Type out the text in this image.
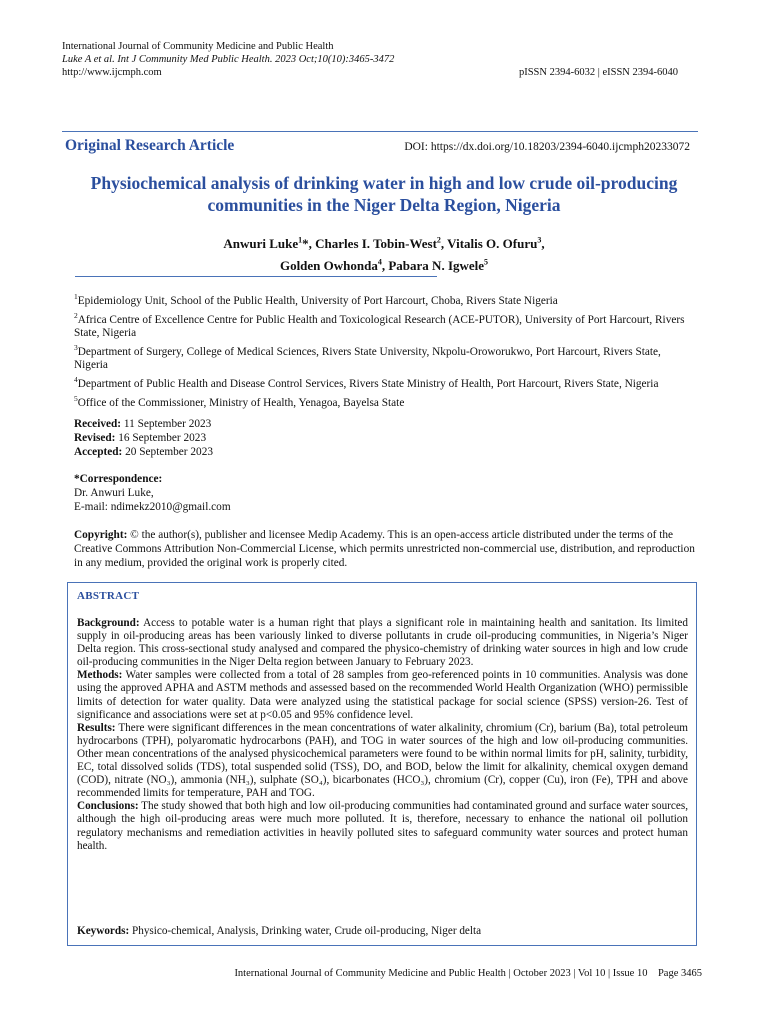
International Journal of Community Medicine and Public Health
Luke A et al. Int J Community Med Public Health. 2023 Oct;10(10):3465-3472
http://www.ijcmph.com	pISSN 2394-6032 | eISSN 2394-6040
Original Research Article	DOI: https://dx.doi.org/10.18203/2394-6040.ijcmph20233072
Physiochemical analysis of drinking water in high and low crude oil-producing communities in the Niger Delta Region, Nigeria
Anwuri Luke$^1$*, Charles I. Tobin-West$^2$, Vitalis O. Ofuru$^3$,
Golden Owhonda$^4$, Pabara N. Igwele$^5$

$^1$Epidemiology Unit, School of the Public Health, University of Port Harcourt, Choba, Rivers State Nigeria

$^2$Africa Centre of Excellence Centre for Public Health and Toxicological Research (ACE-PUTOR), University of Port Harcourt, Rivers State, Nigeria

$^3$Department of Surgery, College of Medical Sciences, Rivers State University, Nkpolu-Oroworukwo, Port Harcourt, Rivers State, Nigeria

$^4$Department of Public Health and Disease Control Services, Rivers State Ministry of Health, Port Harcourt, Rivers State, Nigeria

$^5$Office of the Commissioner, Ministry of Health, Yenagoa, Bayelsa State

Received: 11 September 2023

Revised: 16 September 2023

Accepted: 20 September 2023

*Correspondence:

Dr. Anwuri Luke,

E-mail: ndimekz2010@gmail.com

Copyright: © the author(s), publisher and licensee Medip Academy. This is an open-access article distributed under the terms of the Creative Commons Attribution Non-Commercial License, which permits unrestricted non-commercial use, distribution, and reproduction in any medium, provided the original work is properly cited.
ABSTRACT

Background: Access to potable water is a human right that plays a significant role in maintaining health and sanitation. Its limited supply in oil-producing areas has been variously linked to diverse pollutants in crude oil-producing communities, in Nigeria’s Niger Delta region. This cross-sectional study analysed and compared the physico-chemistry of drinking water sources in high and low crude oil-producing communities in the Niger Delta region between January to February 2023.

Methods: Water samples were collected from a total of 28 samples from geo-referenced points in 10 communities. Analysis was done using the approved APHA and ASTM methods and assessed based on the recommended World Health Organization (WHO) permissible limits of detection for water quality. Data were analyzed using the statistical package for social science (SPSS) version-26. Test of significance and associations were set at p<0.05 and 95% confidence level.

Results: There were significant differences in the mean concentrations of water alkalinity, chromium (Cr), barium (Ba), total petroleum hydrocarbons (TPH), polyaromatic hydrocarbons (PAH), and TOG in water sources of the high and low oil-producing communities. Other mean concentrations of the analysed physicochemical parameters were found to be within normal limits for pH, salinity, turbidity, EC, total dissolved solids (TDS), total suspended solid (TSS), DO, and BOD, below the limit for alkalinity, chemical oxygen demand (COD), nitrate (NO₃), ammonia (NH₃), sulphate (SO₄), bicarbonates (HCO₃), chromium (Cr), copper (Cu), iron (Fe), TPH and above recommended limits for temperature, PAH and TOG.

Conclusions: The study showed that both high and low oil-producing communities had contaminated ground and surface water sources, although the high oil-producing areas were much more polluted. It is, therefore, necessary to enhance the national oil pollution regulatory mechanisms and remediation activities in heavily polluted sites to safeguard community water sources and protect human health.

Keywords: Physico-chemical, Analysis, Drinking water, Crude oil-producing, Niger delta
International Journal of Community Medicine and Public Health | October 2023 | Vol 10 | Issue 10    Page 3465
